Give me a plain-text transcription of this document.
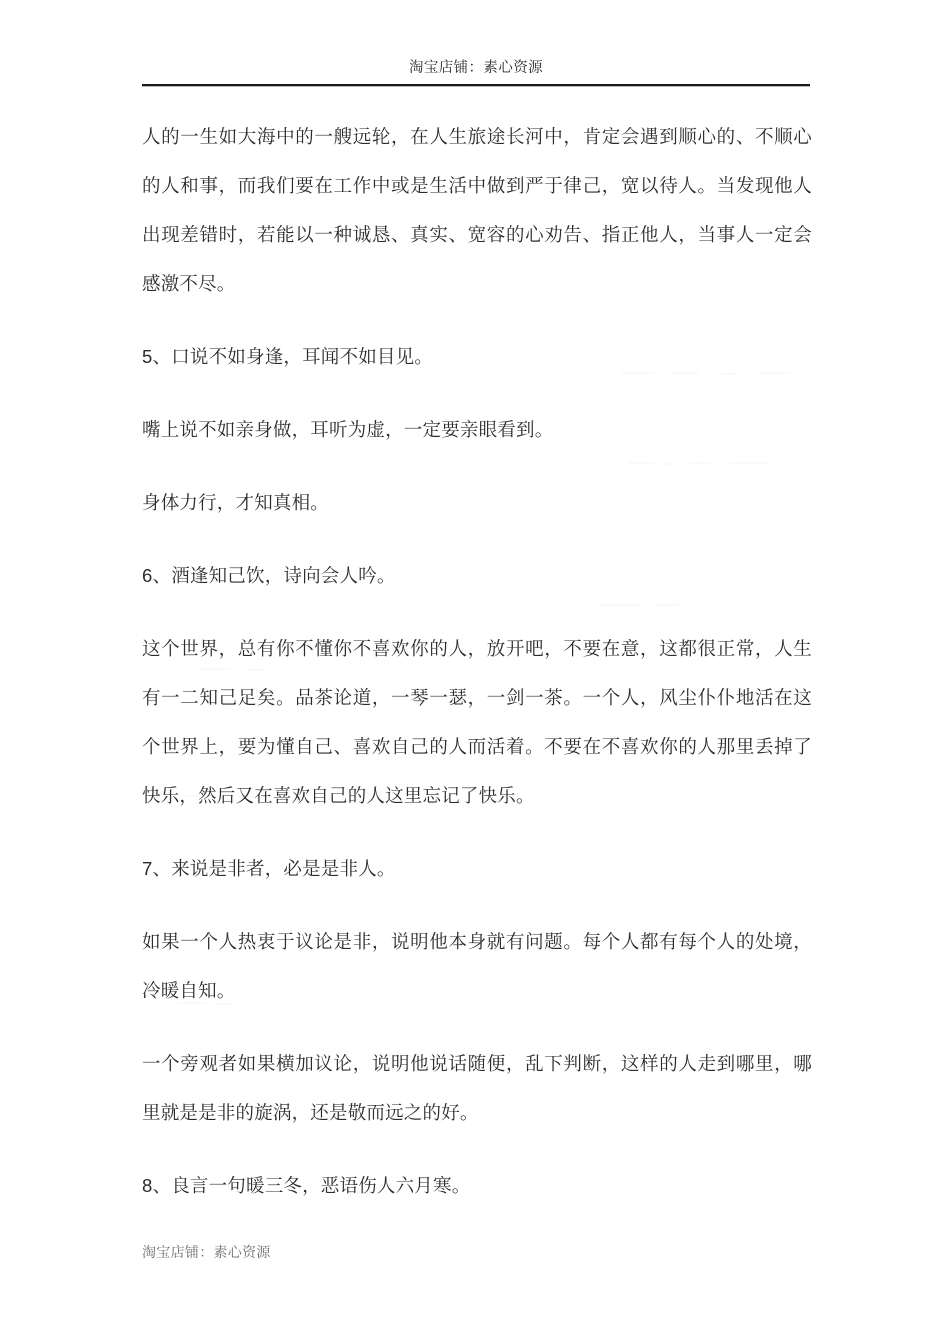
淘宝店铺：素心资源

人的一生如大海中的一艘远轮，在人生旅途长河中，肯定会遇到顺心的、不顺心的人和事，而我们要在工作中或是生活中做到严于律己，宽以待人。当发现他人出现差错时，若能以一种诚恳、真实、宽容的心劝告、指正他人，当事人一定会感激不尽。

5、口说不如身逢，耳闻不如目见。

嘴上说不如亲身做，耳听为虚，一定要亲眼看到。

身体力行，才知真相。

6、酒逢知己饮，诗向会人吟。

这个世界，总有你不懂你不喜欢你的人，放开吧，不要在意，这都很正常，人生有一二知己足矣。品茶论道，一琴一瑟，一剑一茶。一个人，风尘仆仆地活在这个世界上，要为懂自己、喜欢自己的人而活着。不要在不喜欢你的人那里丢掉了快乐，然后又在喜欢自己的人这里忘记了快乐。

7、来说是非者，必是是非人。

如果一个人热衷于议论是非，说明他本身就有问题。每个人都有每个人的处境，冷暖自知。

一个旁观者如果横加议论，说明他说话随便，乱下判断，这样的人走到哪里，哪里就是是非的旋涡，还是敬而远之的好。

8、良言一句暖三冬，恶语伤人六月寒。

淘宝店铺：素心资源
